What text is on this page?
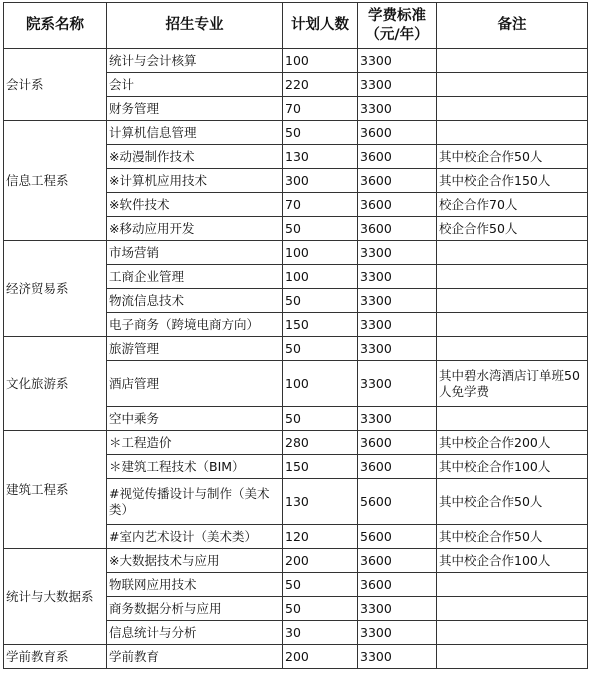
院系名称	招生专业	计划人数	学费标准（元/年）	备注
会计系	统计与会计核算	100	3300	
	会计	220	3300	
	财务管理	70	3300	
信息工程系	计算机信息管理	50	3600	
	※动漫制作技术	130	3600	其中校企合作50人
	※计算机应用技术	300	3600	其中校企合作150人
	※软件技术	70	3600	校企合作70人
	※移动应用开发	50	3600	校企合作50人
经济贸易系	市场营销	100	3300	
	工商企业管理	100	3300	
	物流信息技术	50	3300	
	电子商务（跨境电商方向）	150	3300	
文化旅游系	旅游管理	50	3300	
	酒店管理	100	3300	其中碧水湾酒店订单班50人免学费
	空中乘务	50	3300	
建筑工程系	＊工程造价	280	3600	其中校企合作200人
	＊建筑工程技术（BIM）	150	3600	其中校企合作100人
	#视觉传播设计与制作（美术类）	130	5600	其中校企合作50人
	#室内艺术设计（美术类）	120	5600	其中校企合作50人
统计与大数据系	※大数据技术与应用	200	3600	其中校企合作100人
	物联网应用技术	50	3600	
	商务数据分析与应用	50	3300	
	信息统计与分析	30	3300	
学前教育系	学前教育	200	3300	
